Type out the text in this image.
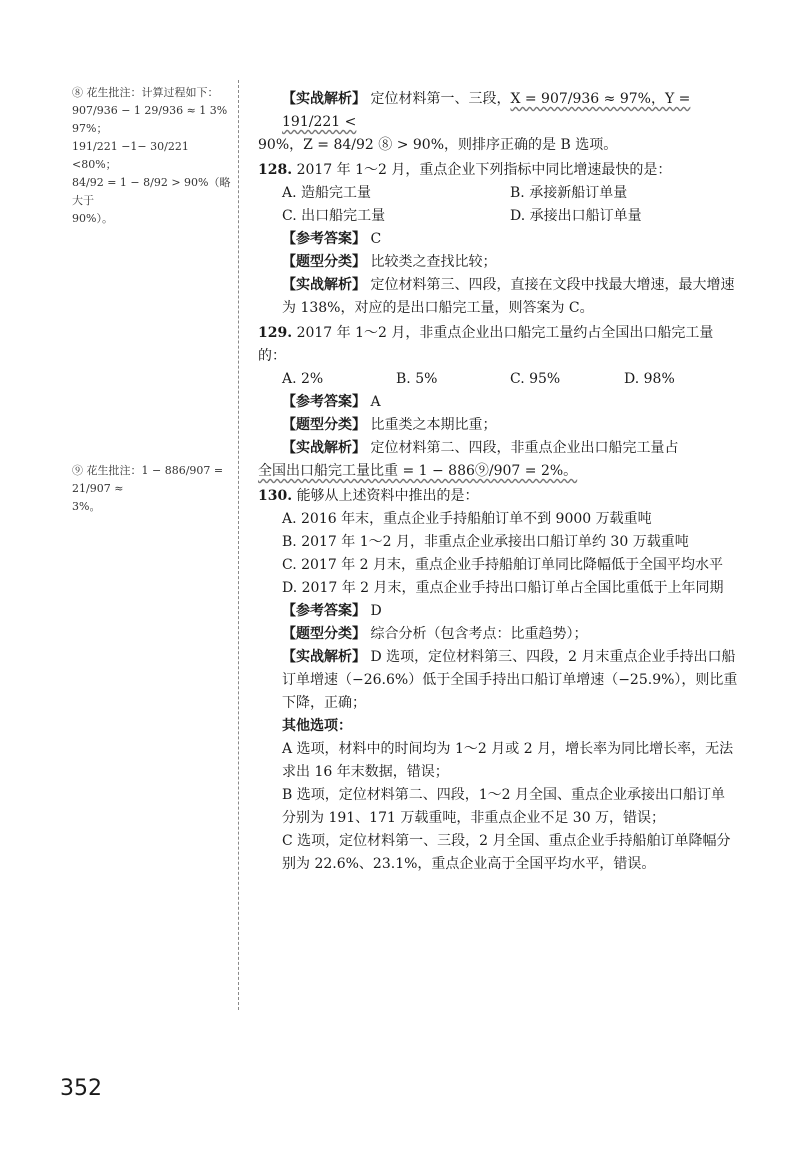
⑧ 花生批注：计算过程如下：
907/936 − 1 29/936 ≈ 1 3%
97%；
191/221 −1− 30/221 <80%；
84/92 = 1 − 8/92 > 90%（略大于
90%）。
⑨ 花生批注：1 − 886/907 = 21/907 ≈
3%。

【实战解析】 定位材料第一、三段，X = 907/936 ≈ 97%，Y = 191/221 <

90%，Z = 84/92 ⑧ > 90%，则排序正确的是 B 选项。

128. 2017 年 1～2 月，重点企业下列指标中同比增速最快的是：

A. 造船完工量	B. 承接新船订单量
C. 出口船完工量	D. 承接出口船订单量

【参考答案】 C

【题型分类】 比较类之查找比较；

【实战解析】 定位材料第三、四段，直接在文段中找最大增速，最大增速为 138%，对应的是出口船完工量，则答案为 C。

129. 2017 年 1～2 月，非重点企业出口船完工量约占全国出口船完工量的：

A. 2%	B. 5%	C. 95%	D. 98%

【参考答案】 A

【题型分类】 比重类之本期比重；

【实战解析】 定位材料第二、四段，非重点企业出口船完工量占

全国出口船完工量比重 = 1 − 886⑨/907 = 2%。

130. 能够从上述资料中推出的是：

A. 2016 年末，重点企业手持船舶订单不到 9000 万载重吨

B. 2017 年 1～2 月，非重点企业承接出口船订单约 30 万载重吨

C. 2017 年 2 月末，重点企业手持船舶订单同比降幅低于全国平均水平

D. 2017 年 2 月末，重点企业手持出口船订单占全国比重低于上年同期

【参考答案】 D

【题型分类】 综合分析（包含考点：比重趋势）；

【实战解析】 D 选项，定位材料第三、四段，2 月末重点企业手持出口船订单增速（−26.6%）低于全国手持出口船订单增速（−25.9%），则比重下降，正确；

其他选项：

A 选项，材料中的时间均为 1～2 月或 2 月，增长率为同比增长率，无法求出 16 年末数据，错误；

B 选项，定位材料第二、四段，1～2 月全国、重点企业承接出口船订单分别为 191、171 万载重吨，非重点企业不足 30 万，错误；

C 选项，定位材料第一、三段，2 月全国、重点企业手持船舶订单降幅分别为 22.6%、23.1%，重点企业高于全国平均水平，错误。

352
